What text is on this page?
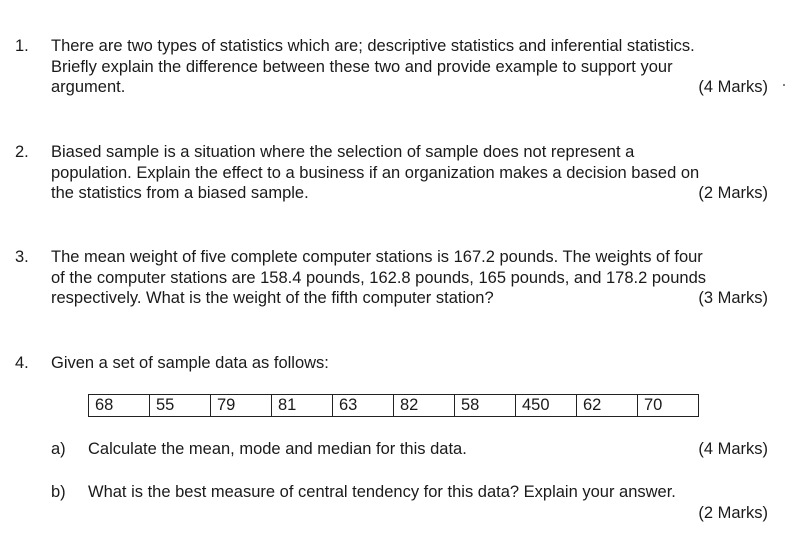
1. There are two types of statistics which are; descriptive statistics and inferential statistics.
Briefly explain the difference between these two and provide example to support your
argument.	(4 Marks)
2. Biased sample is a situation where the selection of sample does not represent a
population. Explain the effect to a business if an organization makes a decision based on
the statistics from a biased sample.	(2 Marks)
3. The mean weight of five complete computer stations is 167.2 pounds. The weights of four
of the computer stations are 158.4 pounds, 162.8 pounds, 165 pounds, and 178.2 pounds
respectively. What is the weight of the fifth computer station?	(3 Marks)
4. Given a set of sample data as follows:
68	55	79	81	63	82	58	450	62	70
a) Calculate the mean, mode and median for this data.	(4 Marks)
b) What is the best measure of central tendency for this data? Explain your answer.
(2 Marks)
